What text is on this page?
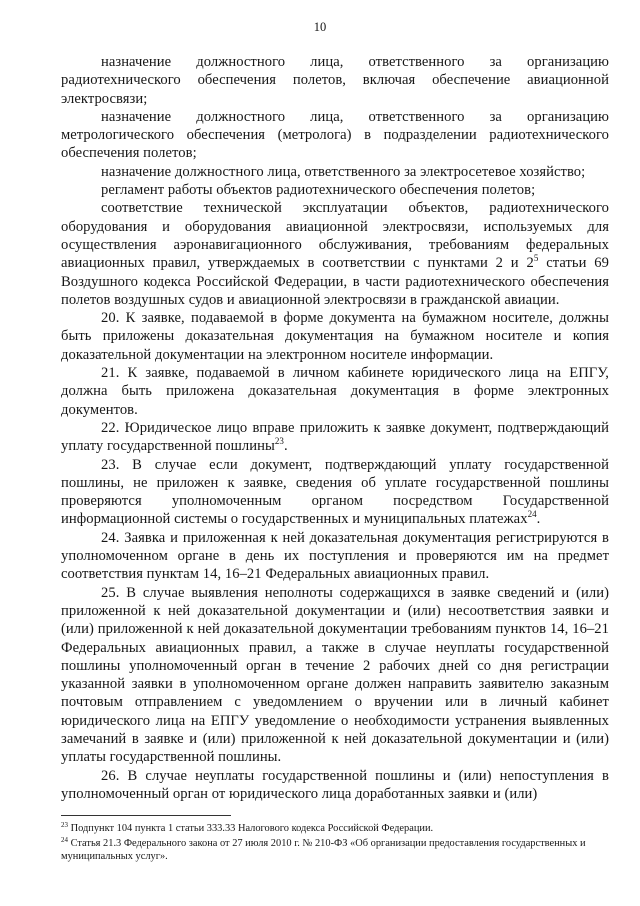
10

назначение должностного лица, ответственного за организацию радиотехнического обеспечения полетов, включая обеспечение авиационной электросвязи;

назначение должностного лица, ответственного за организацию метрологического обеспечения (метролога) в подразделении радиотехнического обеспечения полетов;

назначение должностного лица, ответственного за электросетевое хозяйство;

регламент работы объектов радиотехнического обеспечения полетов;

соответствие технической эксплуатации объектов, радиотехнического оборудования и оборудования авиационной электросвязи, используемых для осуществления аэронавигационного обслуживания, требованиям федеральных авиационных правил, утверждаемых в соответствии с пунктами 2 и $2^5$ статьи 69 Воздушного кодекса Российской Федерации, в части радиотехнического обеспечения полетов воздушных судов и авиационной электросвязи в гражданской авиации.

20. К заявке, подаваемой в форме документа на бумажном носителе, должны быть приложены доказательная документация на бумажном носителе и копия доказательной документации на электронном носителе информации.

21. К заявке, подаваемой в личном кабинете юридического лица на ЕПГУ, должна быть приложена доказательная документация в форме электронных документов.

22. Юридическое лицо вправе приложить к заявке документ, подтверждающий уплату государственной пошлины$^{23}$.

23. В случае если документ, подтверждающий уплату государственной пошлины, не приложен к заявке, сведения об уплате государственной пошлины проверяются уполномоченным органом посредством Государственной информационной системы о государственных и муниципальных платежах$^{24}$.

24. Заявка и приложенная к ней доказательная документация регистрируются в уполномоченном органе в день их поступления и проверяются им на предмет соответствия пунктам 14, 16–21 Федеральных авиационных правил.

25. В случае выявления неполноты содержащихся в заявке сведений и (или) приложенной к ней доказательной документации и (или) несоответствия заявки и (или) приложенной к ней доказательной документации требованиям пунктов 14, 16–21 Федеральных авиационных правил, а также в случае неуплаты государственной пошлины уполномоченный орган в течение 2 рабочих дней со дня регистрации указанной заявки в уполномоченном органе должен направить заявителю заказным почтовым отправлением с уведомлением о вручении или в личный кабинет юридического лица на ЕПГУ уведомление о необходимости устранения выявленных замечаний в заявке и (или) приложенной к ней доказательной документации и (или) уплаты государственной пошлины.

26. В случае неуплаты государственной пошлины и (или) непоступления в уполномоченный орган от юридического лица доработанных заявки и (или)

$^{23}$ Подпункт 104 пункта 1 статьи 333.33 Налогового кодекса Российской Федерации.

$^{24}$ Статья 21.3 Федерального закона от 27 июля 2010 г. № 210-ФЗ «Об организации предоставления государственных и муниципальных услуг».
